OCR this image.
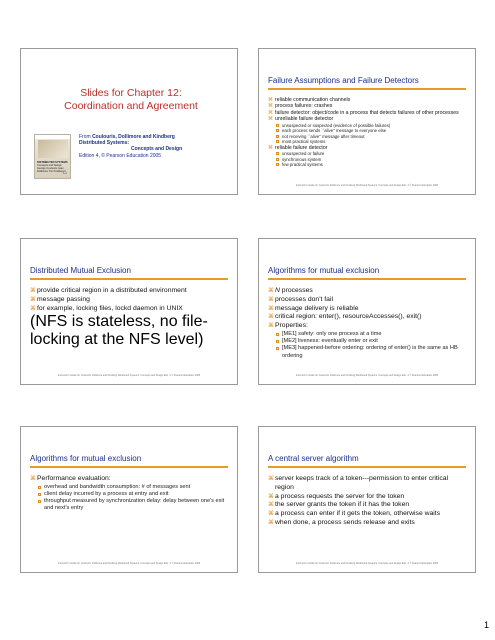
Slides for Chapter 12:
Coordination and Agreement
DISTRIBUTED SYSTEMS
Concepts and Design
George Coulouris Jean Dollimore Tim Kindberg △
From Coulouris, Dollimore and Kindberg
Distributed Systems:
Concepts and Design
Edition 4, © Pearson Education 2005
Failure Assumptions and Failure Detectors
⌘ reliable communication channels
⌘ process failures: crashes
⌘ failure detector: object/code in a process that detects failures of other processes
⌘ unreliable failure detector
unsuspected or suspected (evidence of possible failures)
each process sends ``alive'' message to everyone else
not receiving ``alive'' message after timeout
most practical systems
⌘ reliable failure detector
unsuspected or failure
synchronous system
few practical systems
Instructor's Guide for Coulouris, Dollimore and Kindberg Distributed Systems: Concepts and Design Edn. 4 © Pearson Education 2005
Distributed Mutual Exclusion
⌘ provide critical region in a distributed environment
⌘ message passing
⌘ for example, locking files, lockd daemon in UNIX
(NFS is stateless, no file-locking at the NFS level)
Instructor's Guide for Coulouris, Dollimore and Kindberg Distributed Systems: Concepts and Design Edn. 4 © Pearson Education 2005
Algorithms for mutual exclusion
⌘ N processes
⌘ processes don't fail
⌘ message delivery is reliable
⌘ critical region: enter(), resourceAccesses(), exit()
⌘ Properties:
[ME1] safety: only one process at a time
[ME2] liveness: eventually enter or exit
[ME3] happened-before ordering: ordering of enter() is the same as HB ordering
Instructor's Guide for Coulouris, Dollimore and Kindberg Distributed Systems: Concepts and Design Edn. 4 © Pearson Education 2005
Algorithms for mutual exclusion
⌘ Performance evaluation:
overhead and bandwidth consumption: # of messages sent
client delay incurred by a process at entry and exit
throughput measured by synchronization delay: delay between one's exit and next's entry
Instructor's Guide for Coulouris, Dollimore and Kindberg Distributed Systems: Concepts and Design Edn. 4 © Pearson Education 2005
A central server algorithm
⌘ server keeps track of a token---permission to enter critical region
⌘ a process requests the server for the token
⌘ the server grants the token if it has the token
⌘ a process can enter if it gets the token, otherwise waits
⌘ when done, a process sends release and exits
Instructor's Guide for Coulouris, Dollimore and Kindberg Distributed Systems: Concepts and Design Edn. 4 © Pearson Education 2005
1
